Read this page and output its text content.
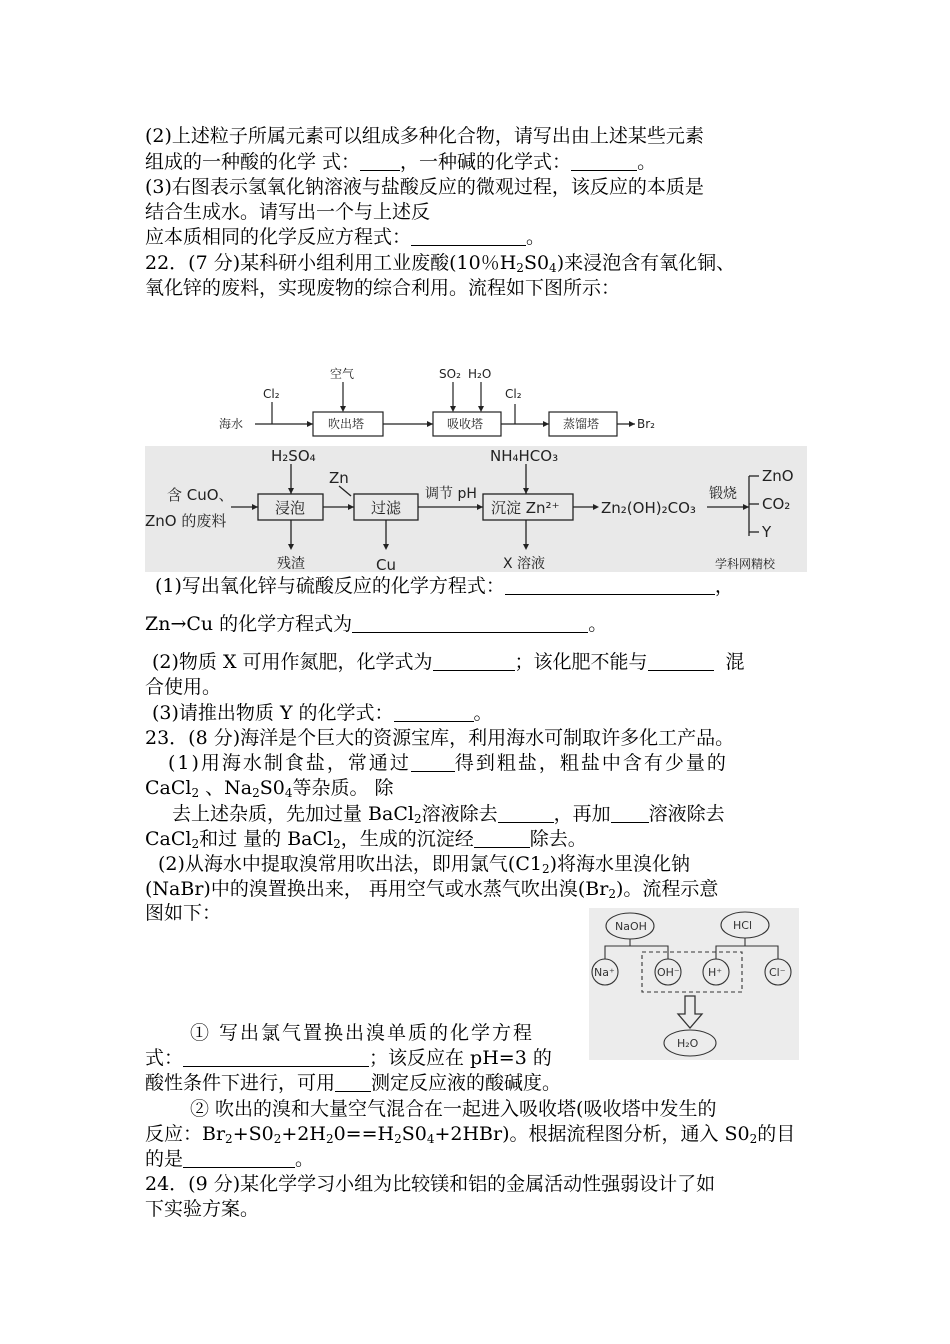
(2)上述粒子所属元素可以组成多种化合物，请写出由上述某些元素
组成的一种酸的化学 式： ，一种碱的化学式：	。
(3)右图表示氢氧化钠溶液与盐酸反应的微观过程，该反应的本质是
结合生成水。请写出一个与上述反
应本质相同的化学反应方程式：	。
22．(7 分)某科研小组利用工业废酸(10％$H_2S0_4$)来浸泡含有氧化铜、
氧化锌的废料，实现废物的综合利用。流程如下图所示：
海水
Cl₂
空气
吹出塔
SO₂ H₂O
吸收塔
Cl₂
蒸馏塔	Br₂
H₂SO₄
Zn
NH₄HCO₃
含 CuO、
ZnO 的废料
浸泡	过滤
调节 pH
沉淀 Zn²⁺	Zn₂(OH)₂CO₃
锻烧
ZnO
CO₂
Y
残渣	Cu	X 溶液	学科网精校
(1)写出氧化锌与硫酸反应的化学方程式：	，
Zn→Cu 的化学方程式为	。
(2)物质 X 可用作氮肥，化学式为	；该化肥不能与	混
合使用。
(3)请推出物质 Y 的化学式：	。
23．(8 分)海洋是个巨大的资源宝库，利用海水可制取许多化工产品。
(1)用海水制食盐，常通过 得到粗盐，粗盐中含有少量的
CaCl$_2$ 、$Na_2S0_4$等杂质。 除
去上述杂质，先加过量 BaCl$_2$溶液除去	，再加 溶液除去
CaCl$_2$和过 量的 BaCl$_2$，生成的沉淀经	除去。
(2)从海水中提取溴常用吹出法，即用氯气$(C1_2)$将海水里溴化钠
(NaBr)中的溴置换出来， 再用空气或水蒸气吹出溴$(Br_2)$。流程示意
图如下：
NaOH	HCl
Na⁺	OH⁻	H⁺	Cl⁻
H₂O
① 写出氯气置换出溴单质的化学方程
式：	；该反应在 pH=3 的
酸性条件下进行，可用 测定反应液的酸碱度。
② 吹出的溴和大量空气混合在一起进入吸收塔(吸收塔中发生的
反应：$Br_2+S0_2+2H_20==H_2S0_4+2HBr$)。根据流程图分析，通入 $S0_2$的目
的是	。
24．(9 分)某化学学习小组为比较镁和铝的金属活动性强弱设计了如
下实验方案。
